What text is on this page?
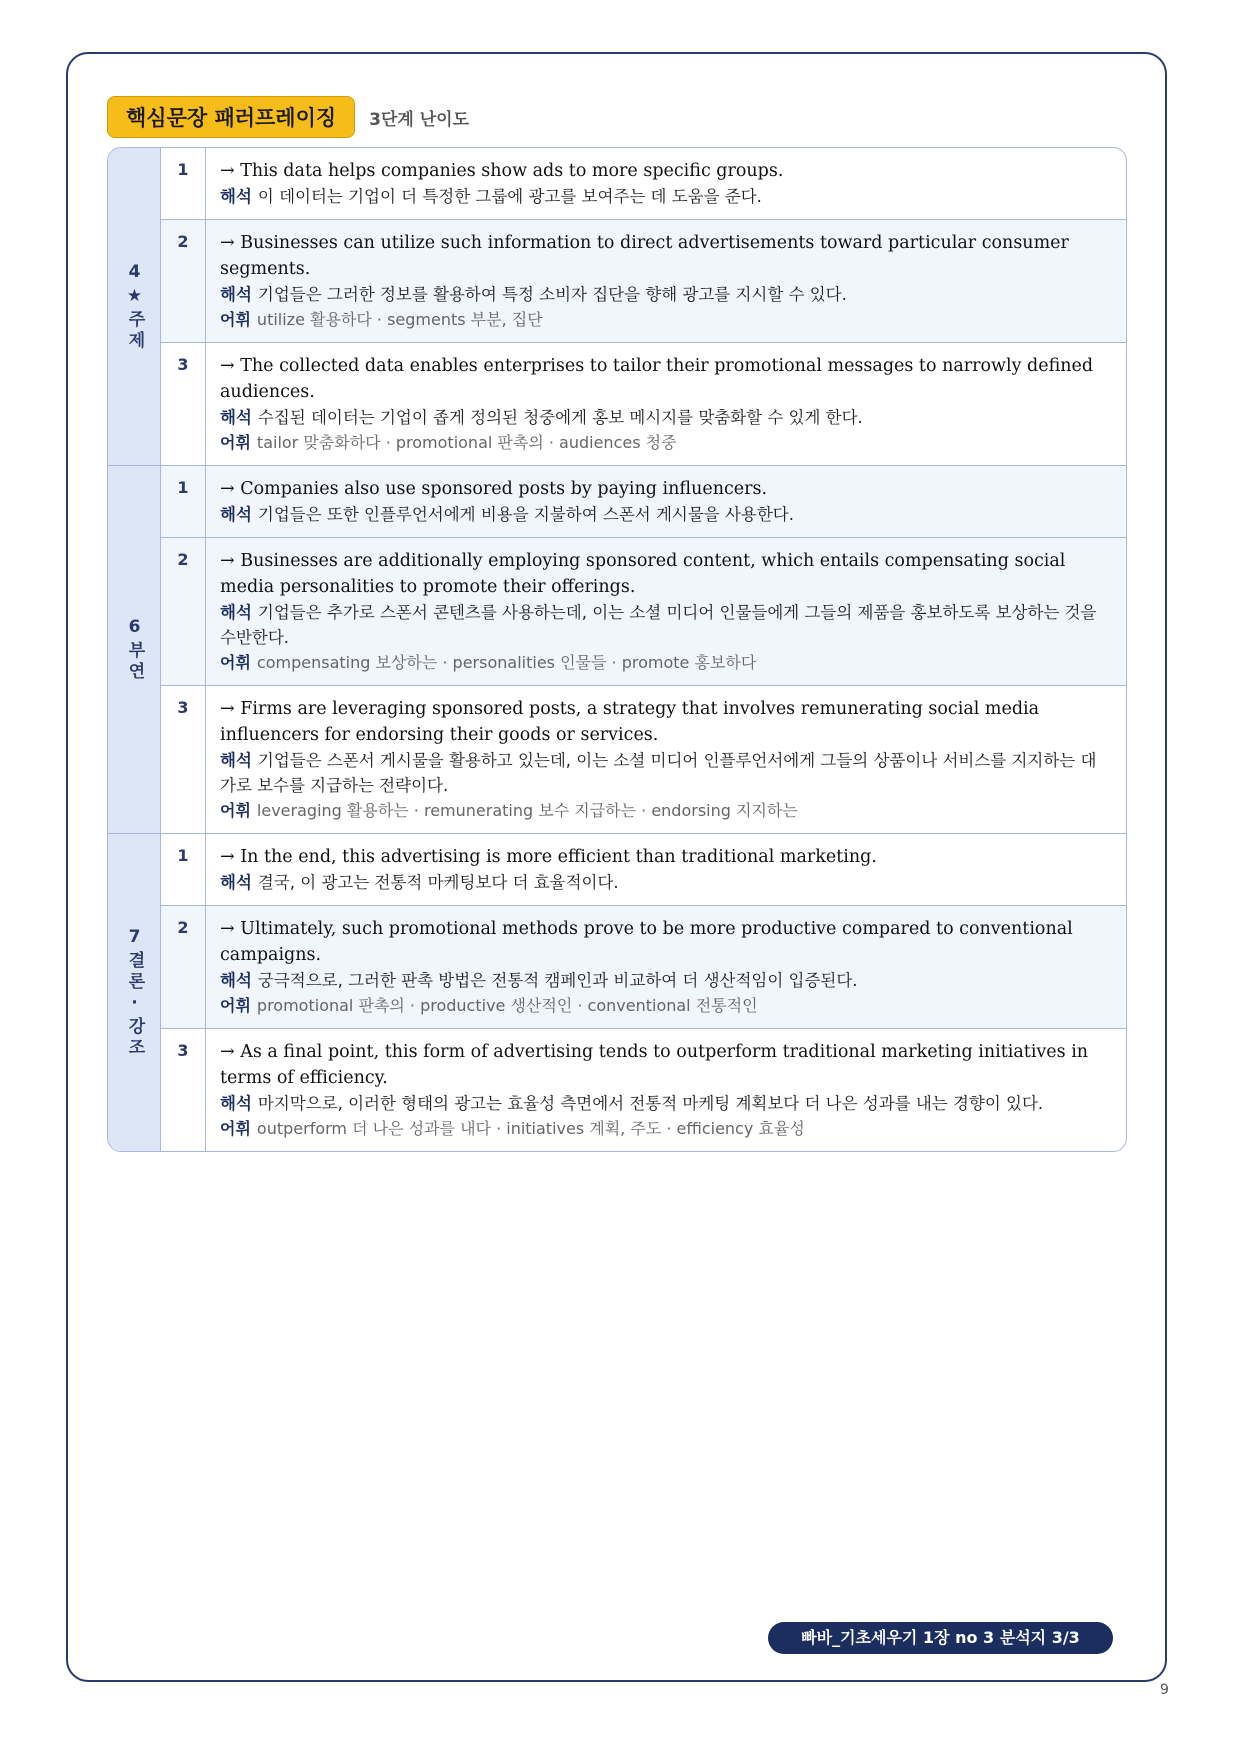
핵심문장 패러프레이징	3단계 난이도
4★주제
1	→ This data helps companies show ads to more specific groups.
해석 이 데이터는 기업이 더 특정한 그룹에 광고를 보여주는 데 도움을 준다.
2	→ Businesses can utilize such information to direct advertisements toward particular consumer segments.
해석 기업들은 그러한 정보를 활용하여 특정 소비자 집단을 향해 광고를 지시할 수 있다.
어휘 utilize 활용하다 · segments 부분, 집단
3	→ The collected data enables enterprises to tailor their promotional messages to narrowly defined audiences.
해석 수집된 데이터는 기업이 좁게 정의된 청중에게 홍보 메시지를 맞춤화할 수 있게 한다.
어휘 tailor 맞춤화하다 · promotional 판촉의 · audiences 청중
6부연
1	→ Companies also use sponsored posts by paying influencers.
해석 기업들은 또한 인플루언서에게 비용을 지불하여 스폰서 게시물을 사용한다.
2	→ Businesses are additionally employing sponsored content, which entails compensating social media personalities to promote their offerings.
해석 기업들은 추가로 스폰서 콘텐츠를 사용하는데, 이는 소셜 미디어 인물들에게 그들의 제품을 홍보하도록 보상하는 것을 수반한다.
어휘 compensating 보상하는 · personalities 인물들 · promote 홍보하다
3	→ Firms are leveraging sponsored posts, a strategy that involves remunerating social media influencers for endorsing their goods or services.
해석 기업들은 스폰서 게시물을 활용하고 있는데, 이는 소셜 미디어 인플루언서에게 그들의 상품이나 서비스를 지지하는 대가로 보수를 지급하는 전략이다.
어휘 leveraging 활용하는 · remunerating 보수 지급하는 · endorsing 지지하는
7결론·강조
1	→ In the end, this advertising is more efficient than traditional marketing.
해석 결국, 이 광고는 전통적 마케팅보다 더 효율적이다.
2	→ Ultimately, such promotional methods prove to be more productive compared to conventional campaigns.
해석 궁극적으로, 그러한 판촉 방법은 전통적 캠페인과 비교하여 더 생산적임이 입증된다.
어휘 promotional 판촉의 · productive 생산적인 · conventional 전통적인
3	→ As a final point, this form of advertising tends to outperform traditional marketing initiatives in terms of efficiency.
해석 마지막으로, 이러한 형태의 광고는 효율성 측면에서 전통적 마케팅 계획보다 더 나은 성과를 내는 경향이 있다.
어휘 outperform 더 나은 성과를 내다 · initiatives 계획, 주도 · efficiency 효율성
빠바_기초세우기 1장 no 3 분석지 3/3
9
